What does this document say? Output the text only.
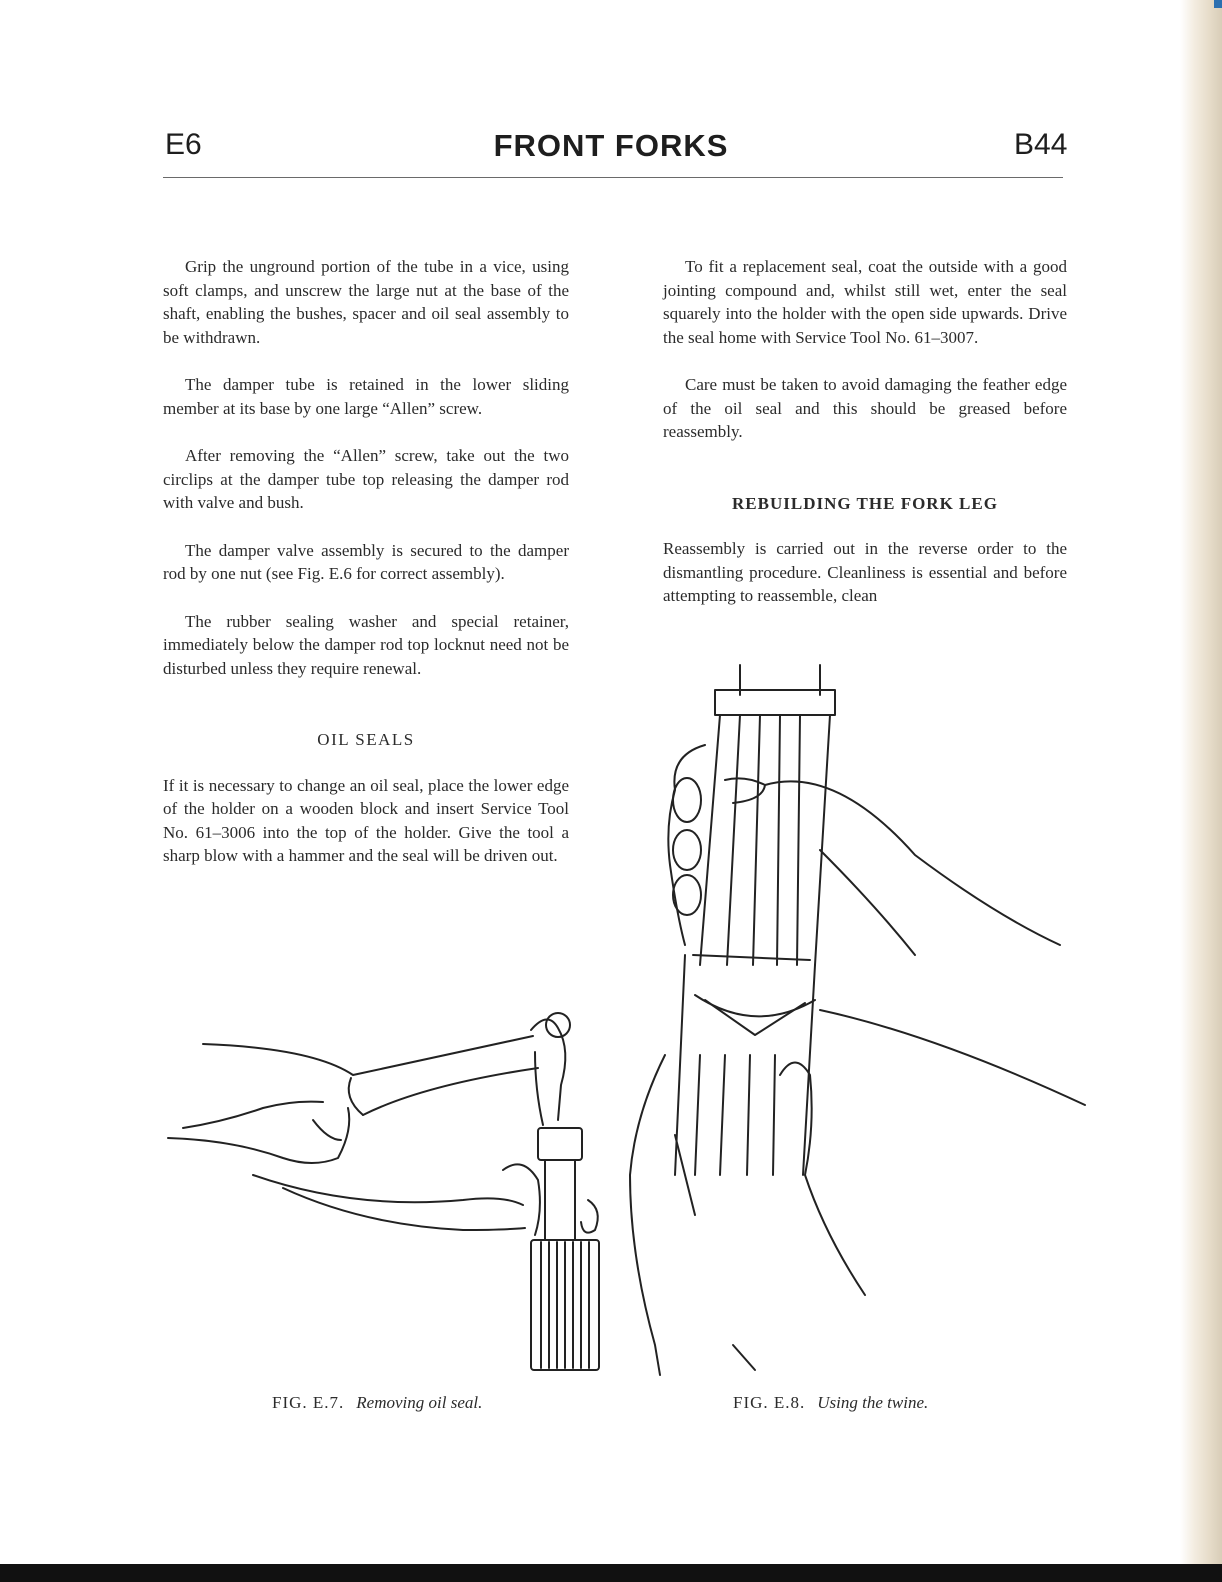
E6	FRONT FORKS	B44

Grip the unground portion of the tube in a vice, using soft clamps, and unscrew the large nut at the base of the shaft, enabling the bushes, spacer and oil seal assembly to be withdrawn.

The damper tube is retained in the lower sliding member at its base by one large “Allen” screw.

After removing the “Allen” screw, take out the two circlips at the damper tube top releasing the damper rod with valve and bush.

The damper valve assembly is secured to the damper rod by one nut (see Fig. E.6 for correct assembly).

The rubber sealing washer and special retainer, immediately below the damper rod top locknut need not be disturbed unless they require renewal.

OIL SEALS

If it is necessary to change an oil seal, place the lower edge of the holder on a wooden block and insert Service Tool No. 61–3006 into the top of the holder. Give the tool a sharp blow with a hammer and the seal will be driven out.

To fit a replacement seal, coat the outside with a good jointing compound and, whilst still wet, enter the seal squarely into the holder with the open side upwards. Drive the seal home with Service Tool No. 61–3007.

Care must be taken to avoid damaging the feather edge of the oil seal and this should be greased before reassembly.

REBUILDING THE FORK LEG

Reassembly is carried out in the reverse order to the dismantling procedure. Cleanliness is essential and before attempting to reassemble, clean

FIG. E.7. Removing oil seal.	FIG. E.8. Using the twine.
